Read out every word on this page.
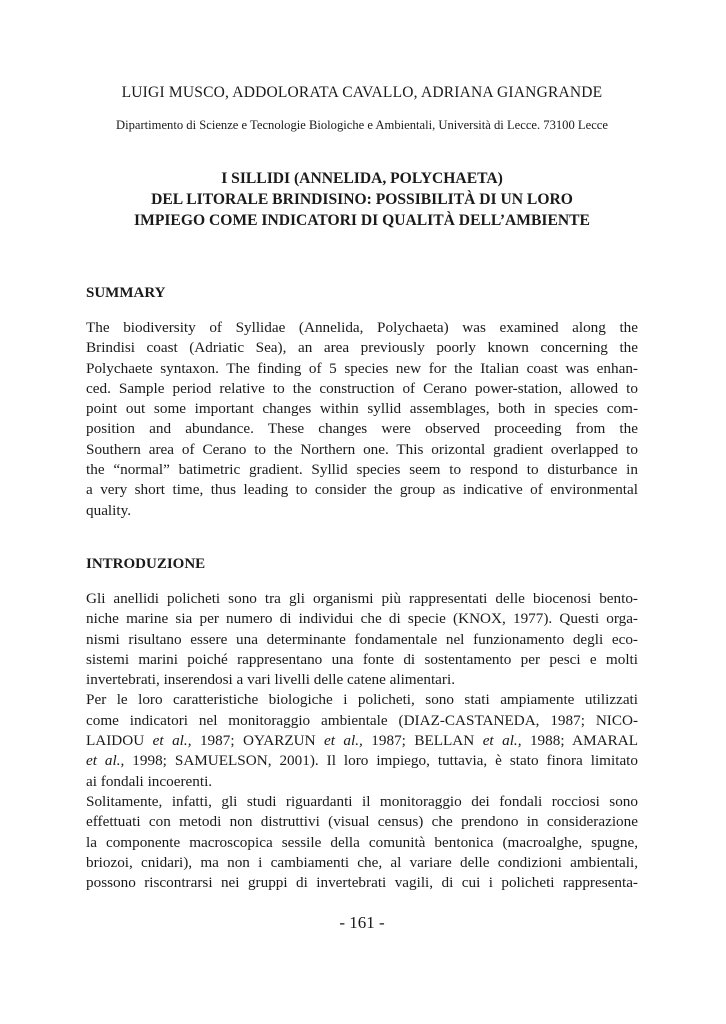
LUIGI MUSCO, ADDOLORATA CAVALLO, ADRIANA GIANGRANDE
Dipartimento di Scienze e Tecnologie Biologiche e Ambientali, Università di Lecce. 73100 Lecce
I SILLIDI (ANNELIDA, POLYCHAETA)
DEL LITORALE BRINDISINO: POSSIBILITÀ DI UN LORO
IMPIEGO COME INDICATORI DI QUALITÀ DELL’AMBIENTE
SUMMARY
The biodiversity of Syllidae (Annelida, Polychaeta) was examined along the
Brindisi coast (Adriatic Sea), an area previously poorly known concerning the
Polychaete syntaxon. The finding of 5 species new for the Italian coast was enhan-
ced. Sample period relative to the construction of Cerano power-station, allowed to
point out some important changes within syllid assemblages, both in species com-
position and abundance. These changes were observed proceeding from the
Southern area of Cerano to the Northern one. This orizontal gradient overlapped to
the “normal” batimetric gradient. Syllid species seem to respond to disturbance in
a very short time, thus leading to consider the group as indicative of environmental
quality.
INTRODUZIONE
Gli anellidi policheti sono tra gli organismi più rappresentati delle biocenosi bento-
niche marine sia per numero di individui che di specie (KNOX, 1977). Questi orga-
nismi risultano essere una determinante fondamentale nel funzionamento degli eco-
sistemi marini poiché rappresentano una fonte di sostentamento per pesci e molti
invertebrati, inserendosi a vari livelli delle catene alimentari.
Per le loro caratteristiche biologiche i policheti, sono stati ampiamente utilizzati
come indicatori nel monitoraggio ambientale (DIAZ-CASTANEDA, 1987; NICO-
LAIDOU et al., 1987; OYARZUN et al., 1987; BELLAN et al., 1988; AMARAL
et al., 1998; SAMUELSON, 2001). Il loro impiego, tuttavia, è stato finora limitato
ai fondali incoerenti.
Solitamente, infatti, gli studi riguardanti il monitoraggio dei fondali rocciosi sono
effettuati con metodi non distruttivi (visual census) che prendono in considerazione
la componente macroscopica sessile della comunità bentonica (macroalghe, spugne,
briozoi, cnidari), ma non i cambiamenti che, al variare delle condizioni ambientali,
possono riscontrarsi nei gruppi di invertebrati vagili, di cui i policheti rappresenta-
- 161 -
